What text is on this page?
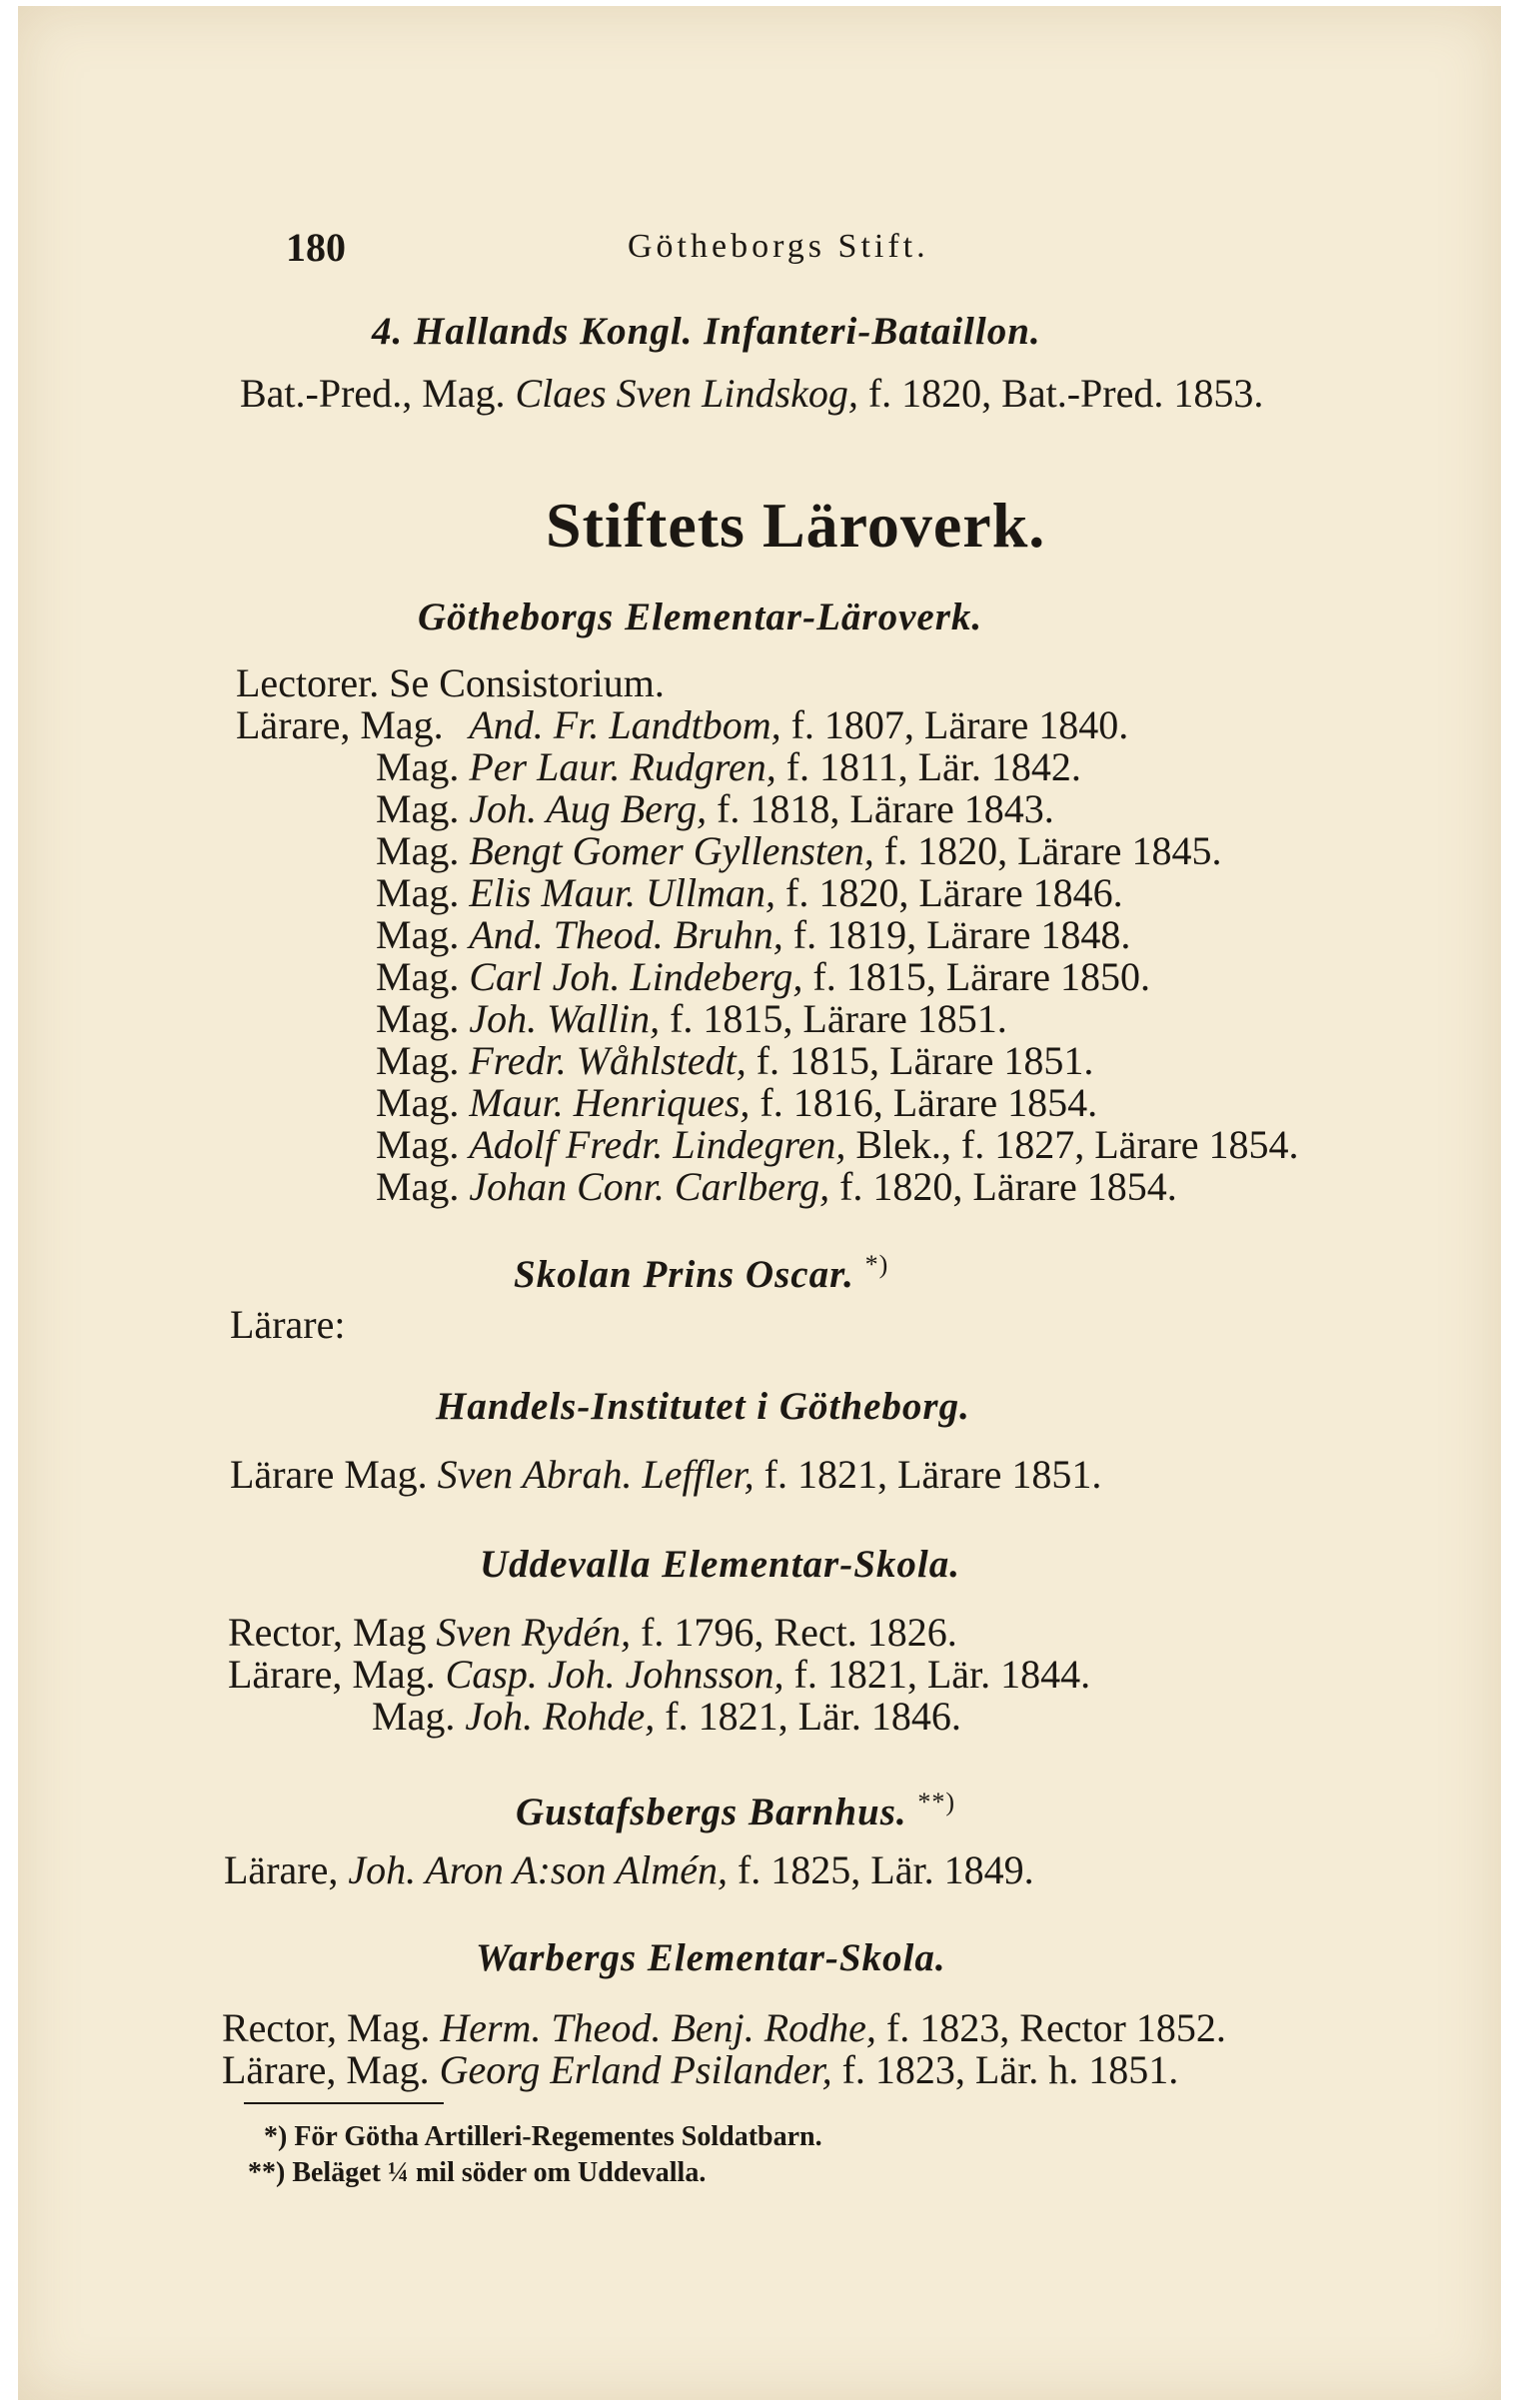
180	Götheborgs Stift.
4. Hallands Kongl. Infanteri-Bataillon.
Bat.-Pred., Mag. Claes Sven Lindskog, f. 1820, Bat.-Pred. 1853.
Stiftets Läroverk.
Götheborgs Elementar-Läroverk.
Lectorer. Se Consistorium.
Lärare, Mag. And. Fr. Landtbom, f. 1807, Lärare 1840.
Mag. Per Laur. Rudgren, f. 1811, Lär. 1842.
Mag. Joh. Aug Berg, f. 1818, Lärare 1843.
Mag. Bengt Gomer Gyllensten, f. 1820, Lärare 1845.
Mag. Elis Maur. Ullman, f. 1820, Lärare 1846.
Mag. And. Theod. Bruhn, f. 1819, Lärare 1848.
Mag. Carl Joh. Lindeberg, f. 1815, Lärare 1850.
Mag. Joh. Wallin, f. 1815, Lärare 1851.
Mag. Fredr. Wåhlstedt, f. 1815, Lärare 1851.
Mag. Maur. Henriques, f. 1816, Lärare 1854.
Mag. Adolf Fredr. Lindegren, Blek., f. 1827, Lärare 1854.
Mag. Johan Conr. Carlberg, f. 1820, Lärare 1854.
Skolan Prins Oscar. *)
Lärare:
Handels-Institutet i Götheborg.
Lärare Mag. Sven Abrah. Leffler, f. 1821, Lärare 1851.
Uddevalla Elementar-Skola.
Rector, Mag Sven Rydén, f. 1796, Rect. 1826.
Lärare, Mag. Casp. Joh. Johnsson, f. 1821, Lär. 1844.
Mag. Joh. Rohde, f. 1821, Lär. 1846.
Gustafsbergs Barnhus. **)
Lärare, Joh. Aron A:son Almén, f. 1825, Lär. 1849.
Warbergs Elementar-Skola.
Rector, Mag. Herm. Theod. Benj. Rodhe, f. 1823, Rector 1852.
Lärare, Mag. Georg Erland Psilander, f. 1823, Lär. h. 1851.
*) För Götha Artilleri-Regementes Soldatbarn.
**) Beläget ¼ mil söder om Uddevalla.
